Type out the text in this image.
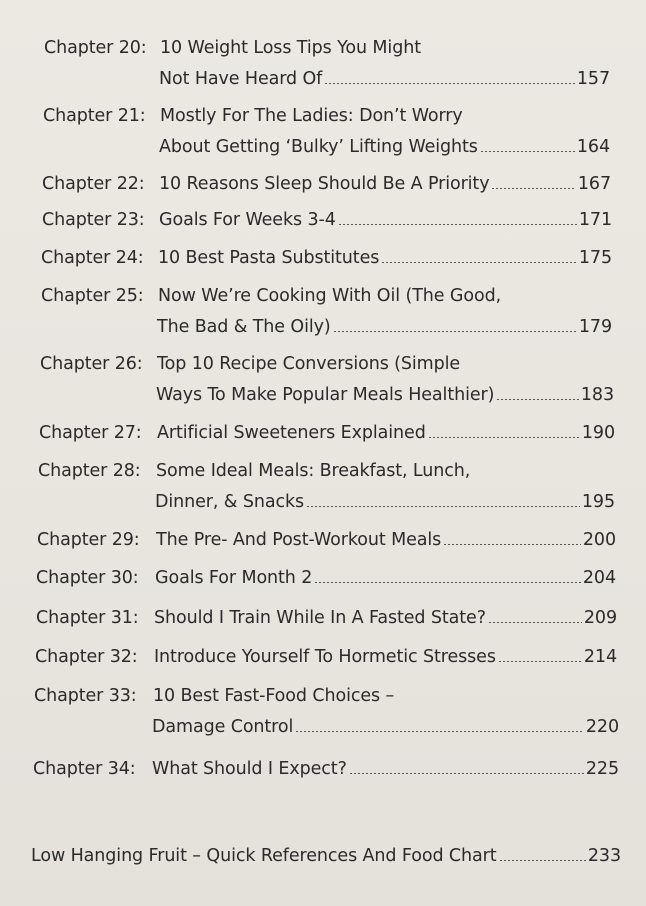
Chapter 20: 10 Weight Loss Tips You Might
Not Have Heard Of	157
Chapter 21: Mostly For The Ladies: Don’t Worry
About Getting ‘Bulky’ Lifting Weights	164
Chapter 22: 10 Reasons Sleep Should Be A Priority	167
Chapter 23: Goals For Weeks 3-4	171
Chapter 24: 10 Best Pasta Substitutes	175
Chapter 25: Now We’re Cooking With Oil (The Good,
The Bad & The Oily)	179
Chapter 26: Top 10 Recipe Conversions (Simple
Ways To Make Popular Meals Healthier)	183
Chapter 27: Artificial Sweeteners Explained	190
Chapter 28: Some Ideal Meals: Breakfast, Lunch,
Dinner, & Snacks	195
Chapter 29: The Pre- And Post-Workout Meals	200
Chapter 30: Goals For Month 2	204
Chapter 31: Should I Train While In A Fasted State?	209
Chapter 32: Introduce Yourself To Hormetic Stresses	214
Chapter 33: 10 Best Fast-Food Choices –
Damage Control	220
Chapter 34: What Should I Expect?	225
Low Hanging Fruit – Quick References And Food Chart	233
